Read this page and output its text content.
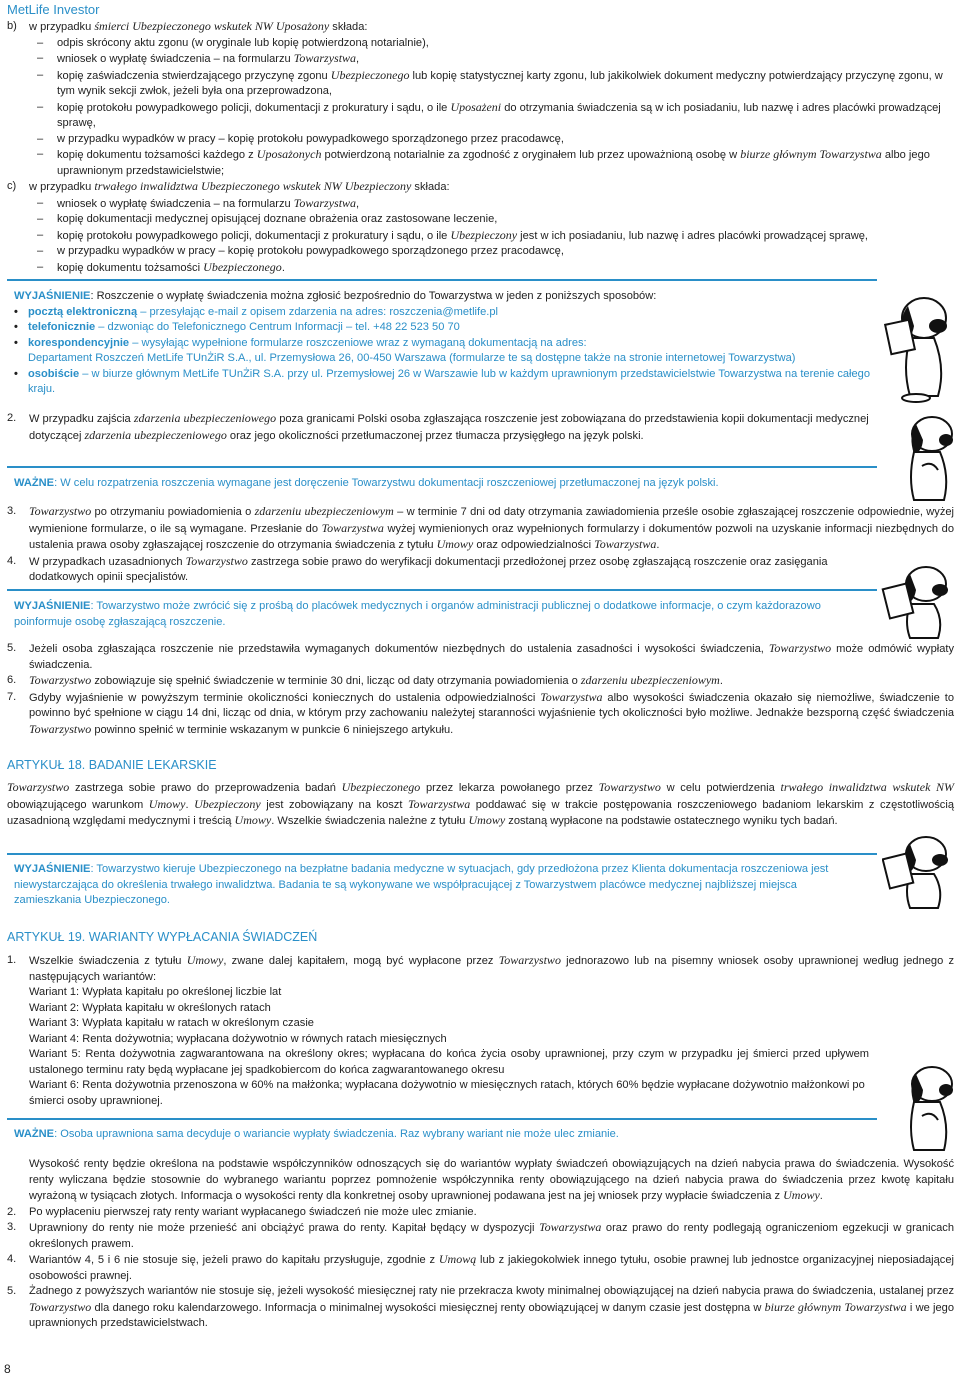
MetLife Investor
b) w przypadku śmierci Ubezpieczonego wskutek NW Uposażony składa:
– odpis skrócony aktu zgonu (w oryginale lub kopię potwierdzoną notarialnie),
– wniosek o wypłatę świadczenia – na formularzu Towarzystwa,
– kopię zaświadczenia stwierdzającego przyczynę zgonu Ubezpieczonego lub kopię statystycznej karty zgonu, lub jakikolwiek dokument medyczny potwierdzający przyczynę zgonu, w tym wynik sekcji zwłok, jeżeli była ona przeprowadzona,
– kopię protokołu powypadkowego policji, dokumentacji z prokuratury i sądu, o ile Uposażeni do otrzymania świadczenia są w ich posiadaniu, lub nazwę i adres placówki prowadzącej sprawę,
– w przypadku wypadków w pracy – kopię protokołu powypadkowego sporządzonego przez pracodawcę,
– kopię dokumentu tożsamości każdego z Uposażonych potwierdzoną notarialnie za zgodność z oryginałem lub przez upoważnioną osobę w biurze głównym Towarzystwa albo jego uprawnionym przedstawicielstwie;
c) w przypadku trwałego inwalidztwa Ubezpieczonego wskutek NW Ubezpieczony składa:
– wniosek o wypłatę świadczenia – na formularzu Towarzystwa,
– kopię dokumentacji medycznej opisującej doznane obrażenia oraz zastosowane leczenie,
– kopię protokołu powypadkowego policji, dokumentacji z prokuratury i sądu, o ile Ubezpieczony jest w ich posiadaniu, lub nazwę i adres placówki prowadzącej sprawę,
– w przypadku wypadków w pracy – kopię protokołu powypadkowego sporządzonego przez pracodawcę,
– kopię dokumentu tożsamości Ubezpieczonego.
WYJAŚNIENIE: Roszczenie o wypłatę świadczenia można zgłosić bezpośrednio do Towarzystwa w jeden z poniższych sposobów:
• pocztą elektroniczną – przesyłając e-mail z opisem zdarzenia na adres: roszczenia@metlife.pl
• telefonicznie – dzwoniąc do Telefonicznego Centrum Informacji – tel. +48 22 523 50 70
• korespondencyjnie – wysyłając wypełnione formularze roszczeniowe wraz z wymaganą dokumentacją na adres:
Departament Roszczeń MetLife TUnŻiR S.A., ul. Przemysłowa 26, 00-450 Warszawa (formularze te są dostępne także na stronie internetowej Towarzystwa)
• osobiście – w biurze głównym MetLife TUnŻiR S.A. przy ul. Przemysłowej 26 w Warszawie lub w każdym uprawnionym przedstawicielstwie Towarzystwa na terenie całego kraju.
2. W przypadku zajścia zdarzenia ubezpieczeniowego poza granicami Polski osoba zgłaszająca roszczenie jest zobowiązana do przedstawienia kopii dokumentacji medycznej dotyczącej zdarzenia ubezpieczeniowego oraz jego okoliczności przetłumaczonej przez tłumacza przysięgłego na język polski.
WAŻNE: W celu rozpatrzenia roszczenia wymagane jest doręczenie Towarzystwu dokumentacji roszczeniowej przetłumaczonej na język polski.
3. Towarzystwo po otrzymaniu powiadomienia o zdarzeniu ubezpieczeniowym – w terminie 7 dni od daty otrzymania zawiadomienia prześle osobie zgłaszającej roszczenie odpowiednie, wyżej wymienione formularze, o ile są wymagane. Przesłanie do Towarzystwa wyżej wymienionych oraz wypełnionych formularzy i dokumentów pozwoli na uzyskanie informacji niezbędnych do ustalenia prawa osoby zgłaszającej roszczenie do otrzymania świadczenia z tytułu Umowy oraz odpowiedzialności Towarzystwa.
4. W przypadkach uzasadnionych Towarzystwo zastrzega sobie prawo do weryfikacji dokumentacji przedłożonej przez osobę zgłaszającą roszczenie oraz zasięgania dodatkowych opinii specjalistów.
WYJAŚNIENIE: Towarzystwo może zwrócić się z prośbą do placówek medycznych i organów administracji publicznej o dodatkowe informacje, o czym każdorazowo poinformuje osobę zgłaszającą roszczenie.
5. Jeżeli osoba zgłaszająca roszczenie nie przedstawiła wymaganych dokumentów niezbędnych do ustalenia zasadności i wysokości świadczenia, Towarzystwo może odmówić wypłaty świadczenia.
6. Towarzystwo zobowiązuje się spełnić świadczenie w terminie 30 dni, licząc od daty otrzymania powiadomienia o zdarzeniu ubezpieczeniowym.
7. Gdyby wyjaśnienie w powyższym terminie okoliczności koniecznych do ustalenia odpowiedzialności Towarzystwa albo wysokości świadczenia okazało się niemożliwe, świadczenie to powinno być spełnione w ciągu 14 dni, licząc od dnia, w którym przy zachowaniu należytej staranności wyjaśnienie tych okoliczności było możliwe. Jednakże bezsporną część świadczenia Towarzystwo powinno spełnić w terminie wskazanym w punkcie 6 niniejszego artykułu.
ARTYKUŁ 18. BADANIE LEKARSKIE
Towarzystwo zastrzega sobie prawo do przeprowadzenia badań Ubezpieczonego przez lekarza powołanego przez Towarzystwo w celu potwierdzenia trwałego inwalidztwa wskutek NW obowiązującego warunkom Umowy. Ubezpieczony jest zobowiązany na koszt Towarzystwa poddawać się w trakcie postępowania roszczeniowego badaniom lekarskim z częstotliwością uzasadnioną względami medycznymi i treścią Umowy. Wszelkie świadczenia należne z tytułu Umowy zostaną wypłacone na podstawie ostatecznego wyniku tych badań.
WYJAŚNIENIE: Towarzystwo kieruje Ubezpieczonego na bezpłatne badania medyczne w sytuacjach, gdy przedłożona przez Klienta dokumentacja roszczeniowa jest niewystarczająca do określenia trwałego inwalidztwa. Badania te są wykonywane we współpracującej z Towarzystwem placówce medycznej najbliższej miejsca zamieszkania Ubezpieczonego.
ARTYKUŁ 19. WARIANTY WYPŁACANIA ŚWIADCZEŃ
1. Wszelkie świadczenia z tytułu Umowy, zwane dalej kapitałem, mogą być wypłacone przez Towarzystwo jednorazowo lub na pisemny wniosek osoby uprawnionej według jednego z następujących wariantów:
Wariant 1: Wypłata kapitału po określonej liczbie lat
Wariant 2: Wypłata kapitału w określonych ratach
Wariant 3: Wypłata kapitału w ratach w określonym czasie
Wariant 4: Renta dożywotnia; wypłacana dożywotnio w równych ratach miesięcznych
Wariant 5: Renta dożywotnia zagwarantowana na określony okres; wypłacana do końca życia osoby uprawnionej, przy czym w przypadku jej śmierci przed upływem ustalonego terminu raty będą wypłacane jej spadkobiercom do końca zagwarantowanego okresu
Wariant 6: Renta dożywotnia przenoszona w 60% na małżonka; wypłacana dożywotnio w miesięcznych ratach, których 60% będzie wypłacane dożywotnio małżonkowi po śmierci osoby uprawnionej.
WAŻNE: Osoba uprawniona sama decyduje o wariancie wypłaty świadczenia. Raz wybrany wariant nie może ulec zmianie.
Wysokość renty będzie określona na podstawie współczynników odnoszących się do wariantów wypłaty świadczeń obowiązujących na dzień nabycia prawa do świadczenia. Wysokość renty wyliczana będzie stosownie do wybranego wariantu poprzez pomnożenie współczynnika renty obowiązującego na dzień nabycia prawa do świadczenia przez kwotę kapitału wyrażoną w tysiącach złotych. Informacja o wysokości renty dla konkretnej osoby uprawnionej podawana jest na jej wniosek przy wypłacie świadczenia z Umowy.
2. Po wypłaceniu pierwszej raty renty wariant wypłacanego świadczeń nie może ulec zmianie.
3. Uprawniony do renty nie może przenieść ani obciążyć prawa do renty. Kapitał będący w dyspozycji Towarzystwa oraz prawo do renty podlegają ograniczeniom egzekucji w granicach określonych prawem.
4. Wariantów 4, 5 i 6 nie stosuje się, jeżeli prawo do kapitału przysługuje, zgodnie z Umową lub z jakiegokolwiek innego tytułu, osobie prawnej lub jednostce organizacyjnej nieposiadającej osobowości prawnej.
5. Żadnego z powyższych wariantów nie stosuje się, jeżeli wysokość miesięcznej raty nie przekracza kwoty minimalnej obowiązującej na dzień nabycia prawa do świadczenia, ustalanej przez Towarzystwo dla danego roku kalendarzowego. Informacja o minimalnej wysokości miesięcznej renty obowiązującej w danym czasie jest dostępna w biurze głównym Towarzystwa i we jego uprawnionych przedstawicielstwach.
8
